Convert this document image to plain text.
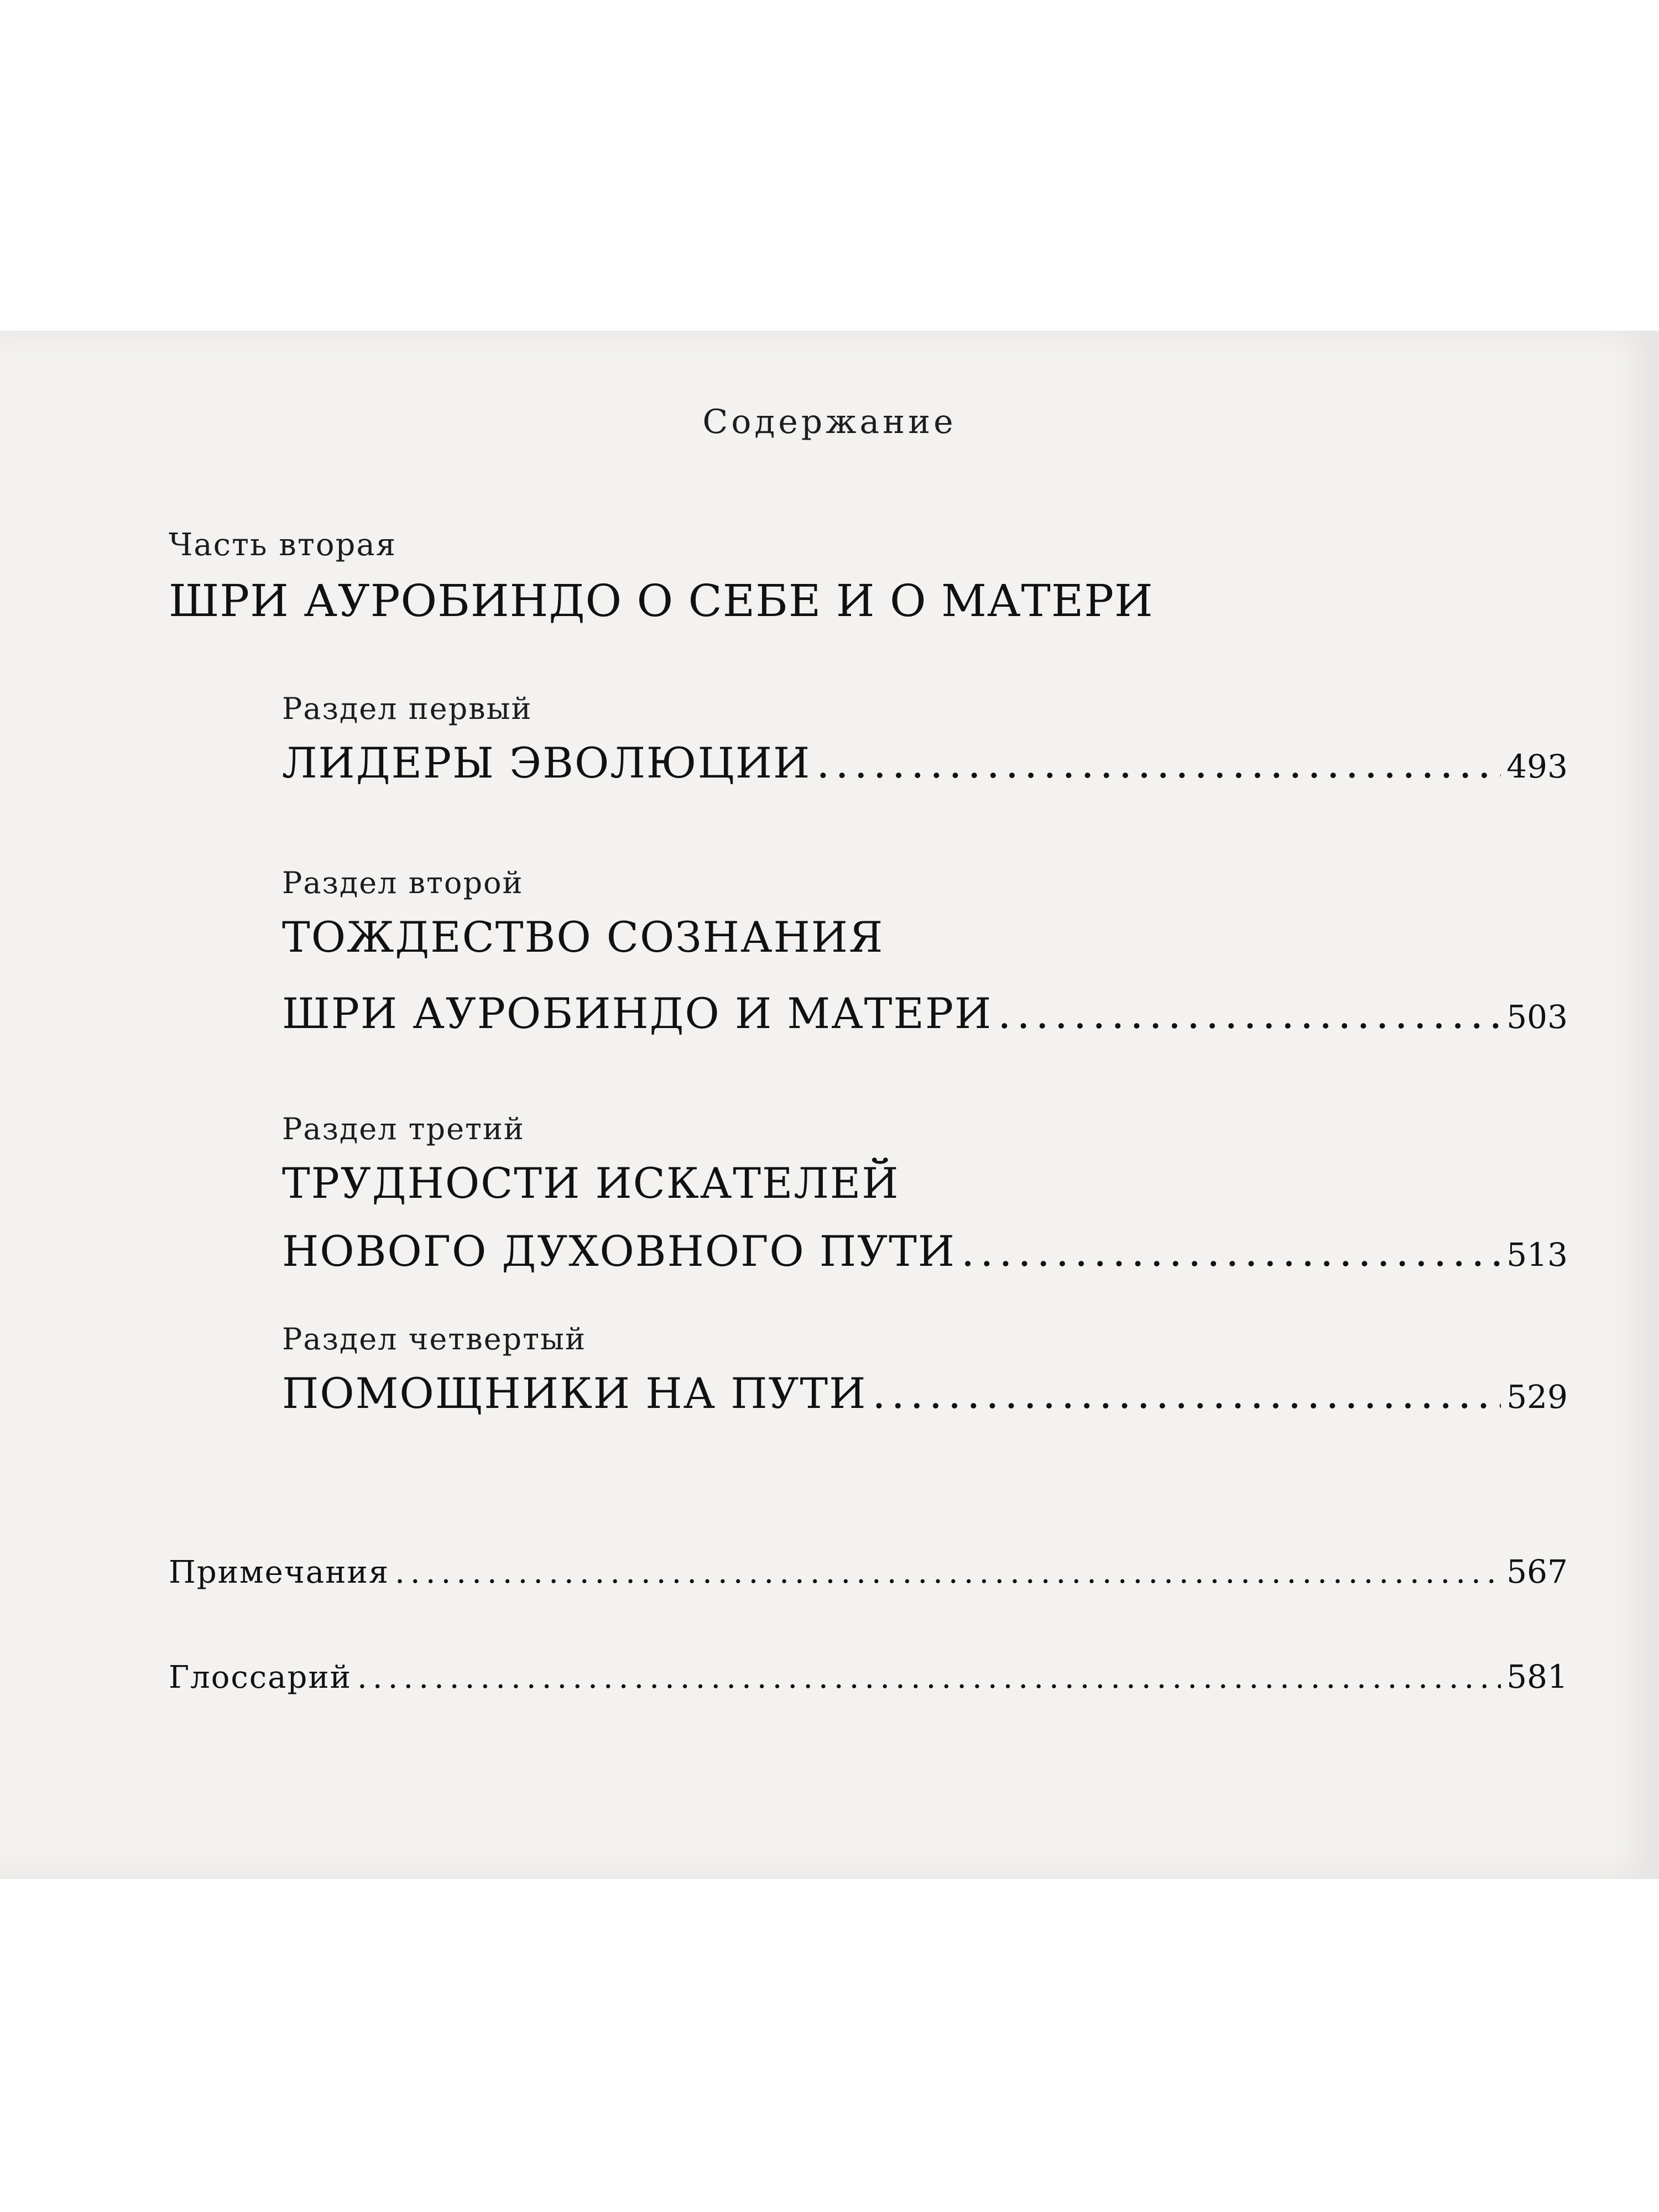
Содержание
Часть вторая
ШРИ АУРОБИНДО О СЕБЕ И О МАТЕРИ
Раздел первый
ЛИДЕРЫ ЭВОЛЮЦИИ .....	493
Раздел второй
ТОЖДЕСТВО СОЗНАНИЯ
ШРИ АУРОБИНДО И МАТЕРИ .....	503
Раздел третий
ТРУДНОСТИ ИСКАТЕЛЕЙ
НОВОГО ДУХОВНОГО ПУТИ .....	513
Раздел четвертый
ПОМОЩНИКИ НА ПУТИ .....	529
Примечания .....	567
Глоссарий .....	581
